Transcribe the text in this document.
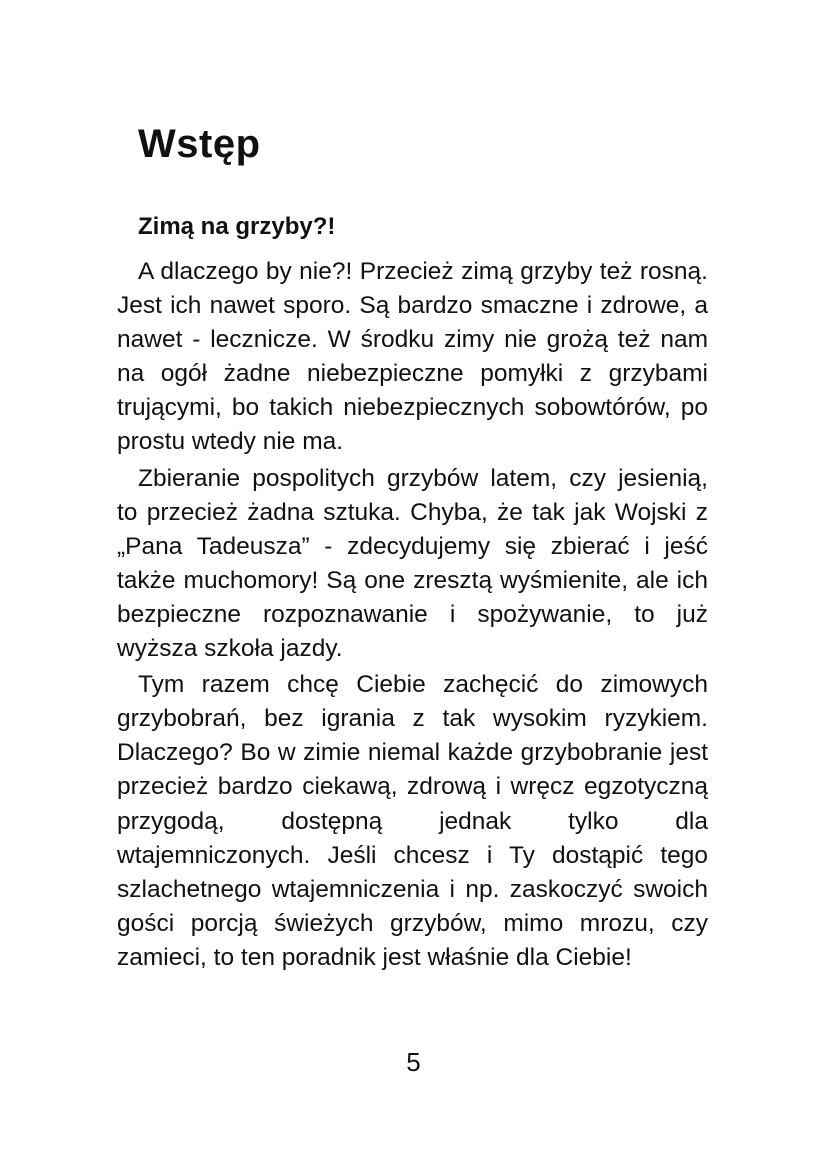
Wstęp
Zimą na grzyby?!

A dlaczego by nie?! Przecież zimą grzyby też rosną. Jest ich nawet sporo. Są bardzo smaczne i zdrowe, a nawet - lecznicze. W środku zimy nie grożą też nam na ogół żadne niebezpieczne pomyłki z grzybami trującymi, bo takich niebezpiecznych sobowtórów, po prostu wtedy nie ma.

Zbieranie pospolitych grzybów latem, czy jesienią, to przecież żadna sztuka. Chyba, że tak jak Wojski z „Pana Tadeusza” - zdecydujemy się zbierać i jeść także muchomory! Są one zresztą wyśmienite, ale ich bezpieczne rozpoznawanie i spożywanie, to już wyższa szkoła jazdy.

Tym razem chcę Ciebie zachęcić do zimowych grzybobrań, bez igrania z tak wysokim ryzykiem. Dlaczego? Bo w zimie niemal każde grzybobranie jest przecież bardzo ciekawą, zdrową i wręcz egzotyczną przygodą, dostępną jednak tylko dla wtajemniczonych. Jeśli chcesz i Ty dostąpić tego szlachetnego wtajemniczenia i np. zaskoczyć swoich gości porcją świeżych grzybów, mimo mrozu, czy zamieci, to ten poradnik jest właśnie dla Ciebie!

5
